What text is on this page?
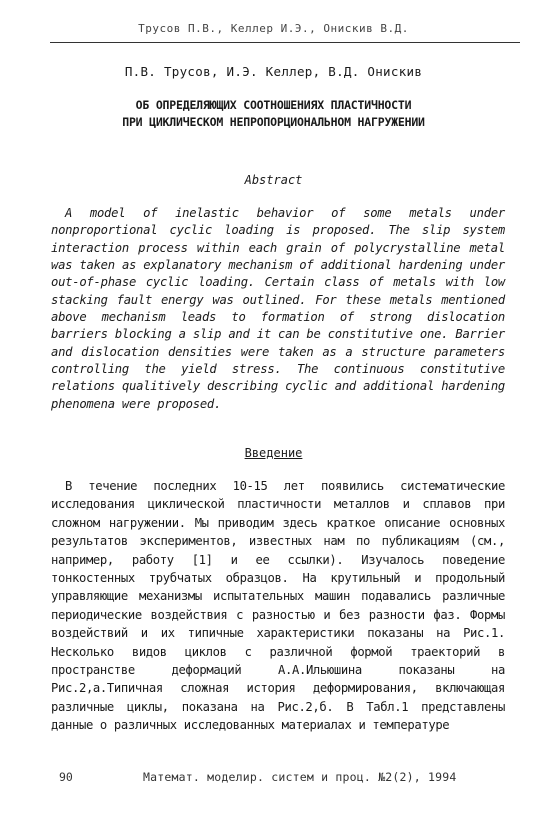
Трусов П.В., Келлер И.Э., Онискив В.Д.
П.В. Трусов, И.Э. Келлер, В.Д. Онискив
ОБ ОПРЕДЕЛЯЮЩИХ СООТНОШЕНИЯХ ПЛАСТИЧНОСТИ
ПРИ ЦИКЛИЧЕСКОМ НЕПРОПОРЦИОНАЛЬНОМ НАГРУЖЕНИИ
Abstract
A model of inelastic behavior of some metals under nonproportional cyclic loading is proposed. The slip system interaction process within each grain of polycrystalline metal was taken as explanatory mechanism of additional hardening under out-of-phase cyclic loading. Certain class of metals with low stacking fault energy was outlined. For these metals mentioned above mechanism leads to formation of strong dislocation barriers blocking a slip and it can be constitutive one. Barrier and dislocation densities were taken as a structure parameters controlling the yield stress. The continuous constitutive relations qualitively describing cyclic and additional hardening phenomena were proposed.
Введение
В течение последних 10-15 лет появились систематические исследования циклической пластичности металлов и сплавов при сложном нагружении. Мы приводим здесь краткое описание основных результатов экспериментов, известных нам по публикациям (см., например, работу [1] и ее ссылки). Изучалось поведение тонкостенных трубчатых образцов. На крутильный и продольный управляющие механизмы испытательных машин подавались различные периодические воздействия с разностью и без разности фаз. Формы воздействий и их типичные характеристики показаны на Рис.1. Несколько видов циклов с различной формой траекторий в пространстве деформаций А.А.Ильюшина показаны на Рис.2,а.Типичная сложная история деформирования, включающая различные циклы, показана на Рис.2,б. В Табл.1 представлены данные о различных исследованных материалах и температуре
90	Математ. моделир. систем и проц. №2(2), 1994
